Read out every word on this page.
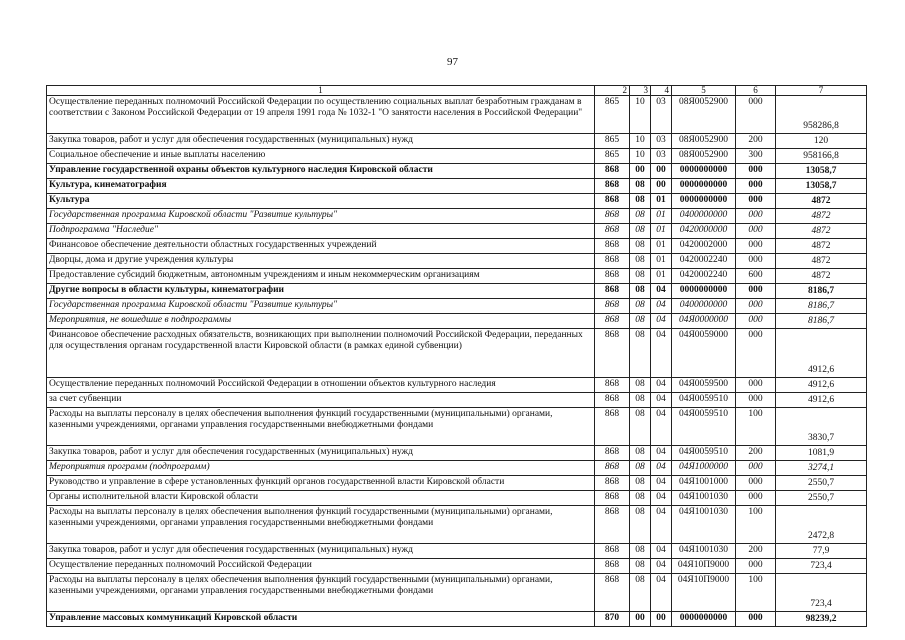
97
1	2	3	4	5	6	7
Осуществление переданных полномочий Российской Федерации по осуществлению социальных выплат безработным гражданам в соответствии с Законом Российской Федерации от 19 апреля 1991 года № 1032-1 "О занятости населения в Российской Федерации"	865	10	03	08Я0052900	000	958286,8
Закупка товаров, работ и услуг для обеспечения государственных (муниципальных) нужд	865	10	03	08Я0052900	200	120
Социальное обеспечение и иные выплаты населению	865	10	03	08Я0052900	300	958166,8
Управление государственной охраны объектов культурного наследия Кировской области	868	00	00	0000000000	000	13058,7
Культура, кинематография	868	08	00	0000000000	000	13058,7
Культура	868	08	01	0000000000	000	4872
Государственная программа Кировской области "Развитие культуры"	868	08	01	0400000000	000	4872
Подпрограмма "Наследие"	868	08	01	0420000000	000	4872
Финансовое обеспечение деятельности областных государственных учреждений	868	08	01	0420002000	000	4872
Дворцы, дома и другие учреждения культуры	868	08	01	0420002240	000	4872
Предоставление субсидий бюджетным, автономным учреждениям и иным некоммерческим организациям	868	08	01	0420002240	600	4872
Другие вопросы в области культуры, кинематографии	868	08	04	0000000000	000	8186,7
Государственная программа Кировской области "Развитие культуры"	868	08	04	0400000000	000	8186,7
Мероприятия, не вошедшие в подпрограммы	868	08	04	04Я0000000	000	8186,7
Финансовое обеспечение расходных обязательств, возникающих при выполнении полномочий Российской Федерации, переданных для осуществления органам государственной власти Кировской области (в рамках единой субвенции)	868	08	04	04Я0059000	000	4912,6
Осуществление переданных полномочий Российской Федерации в отношении объектов культурного наследия	868	08	04	04Я0059500	000	4912,6
за счет субвенции	868	08	04	04Я0059510	000	4912,6
Расходы на выплаты персоналу в целях обеспечения выполнения функций государственными (муниципальными) органами, казенными учреждениями, органами управления государственными внебюджетными фондами	868	08	04	04Я0059510	100	3830,7
Закупка товаров, работ и услуг для обеспечения государственных (муниципальных) нужд	868	08	04	04Я0059510	200	1081,9
Мероприятия программ (подпрограмм)	868	08	04	04Я1000000	000	3274,1
Руководство и управление в сфере установленных функций органов государственной власти Кировской области	868	08	04	04Я1001000	000	2550,7
Органы исполнительной власти Кировской области	868	08	04	04Я1001030	000	2550,7
Расходы на выплаты персоналу в целях обеспечения выполнения функций государственными (муниципальными) органами, казенными учреждениями, органами управления государственными внебюджетными фондами	868	08	04	04Я1001030	100	2472,8
Закупка товаров, работ и услуг для обеспечения государственных (муниципальных) нужд	868	08	04	04Я1001030	200	77,9
Осуществление переданных полномочий Российской Федерации	868	08	04	04Я10П9000	000	723,4
Расходы на выплаты персоналу в целях обеспечения выполнения функций государственными (муниципальными) органами, казенными учреждениями, органами управления государственными внебюджетными фондами	868	08	04	04Я10П9000	100	723,4
Управление массовых коммуникаций Кировской области	870	00	00	0000000000	000	98239,2
